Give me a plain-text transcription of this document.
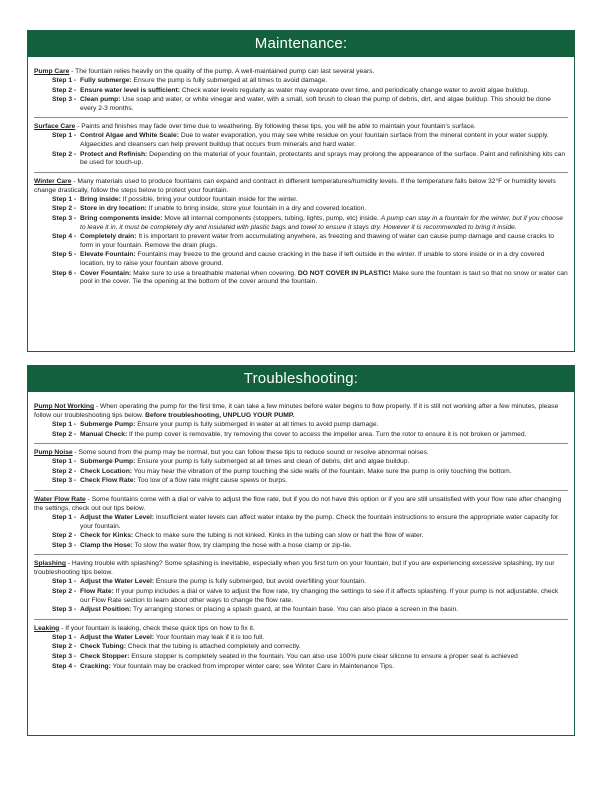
Maintenance:
Pump Care - The fountain relies heavily on the quality of the pump. A well-maintained pump can last several years.
Step 1 - Fully submerge: Ensure the pump is fully submerged at all times to avoid damage.
Step 2 - Ensure water level is sufficient: Check water levels regularly as water may evaporate over time, and periodically change water to avoid algae buildup.
Step 3 - Clean pump: Use soap and water, or white vinegar and water, with a small, soft brush to clean the pump of debris, dirt, and algae buildup. This should be done every 2-3 months.
Surface Care - Paints and finishes may fade over time due to weathering. By following these tips, you will be able to maintain your fountain's surface.
Step 1 - Control Algae and White Scale: Due to water evaporation, you may see white residue on your fountain surface from the mineral content in your water supply. Algaecides and cleansers can help prevent buildup that occurs from minerals and hard water.
Step 2 - Protect and Refinish: Depending on the material of your fountain, protectants and sprays may prolong the appearance of the surface. Paint and refinishing kits can be used for touch-up.
Winter Care - Many materials used to produce fountains can expand and contract in different temperatures/humidity levels. If the temperature falls below 32°F or humidity levels change drastically, follow the steps below to protect your fountain.
Step 1 - Bring inside: If possible, bring your outdoor fountain inside for the winter.
Step 2 - Store in dry location: If unable to bring inside, store your fountain in a dry and covered location.
Step 3 - Bring components inside: Move all internal components (stoppers, tubing, lights, pump, etc) inside. A pump can stay in a fountain for the winter, but if you choose to leave it in, it must be completely dry and insulated with plastic bags and towel to ensure it stays dry. However it is recommended to bring it inside.
Step 4 - Completely drain: It is important to prevent water from accumulating anywhere, as freezing and thawing of water can cause pump damage and cause cracks to form in your fountain. Remove the drain plugs.
Step 5 - Elevate Fountain: Fountains may freeze to the ground and cause cracking in the base if left outside in the winter. If unable to store inside or in a dry covered location, try to raise your fountain above ground.
Step 6 - Cover Fountain: Make sure to use a breathable material when covering. DO NOT COVER IN PLASTIC! Make sure the fountain is taut so that no snow or water can pool in the cover. Tie the opening at the bottom of the cover around the fountain.
Troubleshooting:
Pump Not Working - When operating the pump for the first time, it can take a few minutes before water begins to flow properly. If it is still not working after a few minutes, please follow our troubleshooting tips below. Before troubleshooting, UNPLUG YOUR PUMP.
Step 1 - Submerge Pump: Ensure your pump is fully submerged in water at all times to avoid pump damage.
Step 2 - Manual Check: If the pump cover is removable, try removing the cover to access the impeller area. Turn the rotor to ensure it is not broken or jammed.
Pump Noise - Some sound from the pump may be normal, but you can follow these tips to reduce sound or resolve abnormal noises.
Step 1 - Submerge Pump: Ensure your pump is fully submerged at all times and clean of debris, dirt and algae buildup.
Step 2 - Check Location: You may hear the vibration of the pump touching the side walls of the fountain. Make sure the pump is only touching the bottom.
Step 3 - Check Flow Rate: Too low of a flow rate might cause spews or burps.
Water Flow Rate - Some fountains come with a dial or valve to adjust the flow rate, but if you do not have this option or if you are still unsatisfied with your flow rate after changing the settings, check out our tips below.
Step 1 - Adjust the Water Level: Insufficient water levels can affect water intake by the pump. Check the fountain instructions to ensure the appropriate water capacity for your fountain.
Step 2 - Check for Kinks: Check to make sure the tubing is not kinked. Kinks in the tubing can slow or halt the flow of water.
Step 3 - Clamp the Hose: To slow the water flow, try clamping the hose with a hose clamp or zip-tie.
Splashing - Having trouble with splashing? Some splashing is inevitable, especially when you first turn on your fountain, but if you are experiencing excessive splashing, try our troubleshooting tips below.
Step 1 - Adjust the Water Level: Ensure the pump is fully submerged, but avoid overfilling your fountain.
Step 2 - Flow Rate: If your pump includes a dial or valve to adjust the flow rate, try changing the settings to see if it affects splashing. If your pump is not adjustable, check our Flow Rate section to learn about other ways to change the flow rate.
Step 3 - Adjust Position: Try arranging stones or placing a splash guard, at the fountain base. You can also place a screen in the basin.
Leaking - If your fountain is leaking, check these quick tips on how to fix it.
Step 1 - Adjust the Water Level: Your fountain may leak if it is too full.
Step 2 - Check Tubing: Check that the tubing is attached completely and correctly.
Step 3 - Check Stopper: Ensure stopper is completely seated in the fountain. You can also use 100% pure clear silicone to ensure a proper seal is achieved
Step 4 - Cracking: Your fountain may be cracked from improper winter care; see Winter Care in Maintenance Tips.
